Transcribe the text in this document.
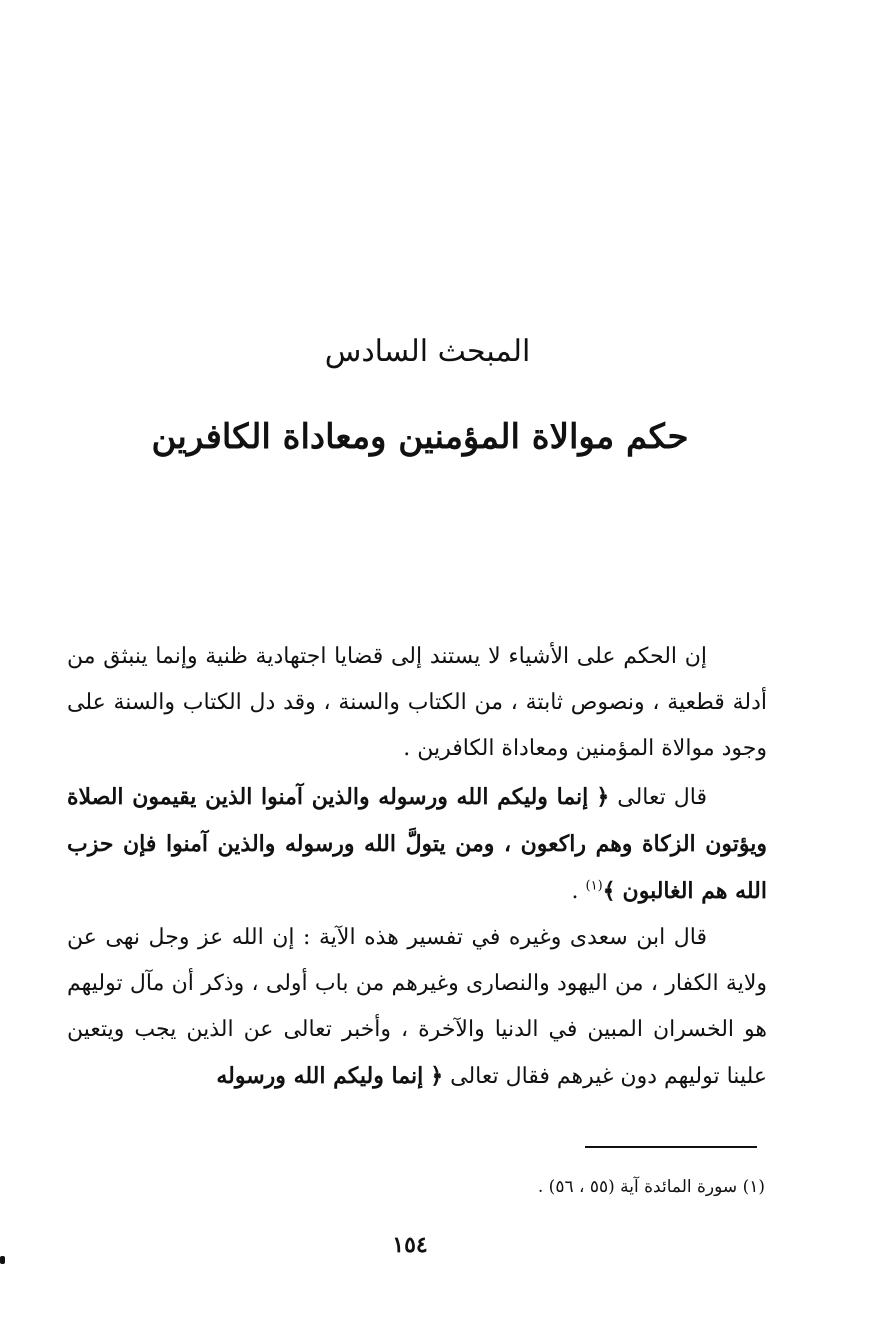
المبحث السادس
حكم موالاة المؤمنين ومعاداة الكافرين

إن الحكم على الأشياء لا يستند إلى قضايا اجتهادية ظنية وإنما ينبثق من أدلة قطعية ، ونصوص ثابتة ، من الكتاب والسنة ، وقد دل الكتاب والسنة على وجود موالاة المؤمنين ومعاداة الكافرين .

قال تعالى ﴿ إنما وليكم الله ورسوله والذين آمنوا الذين يقيمون الصلاة ويؤتون الزكاة وهم راكعون ، ومن يتولَّ الله ورسوله والذين آمنوا فإن حزب الله هم الغالبون ﴾$^{(١)}$ .

قال ابن سعدى وغيره في تفسير هذه الآية : إن الله عز وجل نهى عن ولاية الكفار ، من اليهود والنصارى وغيرهم من باب أولى ، وذكر أن مآل توليهم هو الخسران المبين في الدنيا والآخرة ، وأخبر تعالى عن الذين يجب ويتعين علينا توليهم دون غيرهم فقال تعالى ﴿ إنما وليكم الله ورسوله

(١) سورة المائدة آية (٥٥ ، ٥٦) .

١٥٤
